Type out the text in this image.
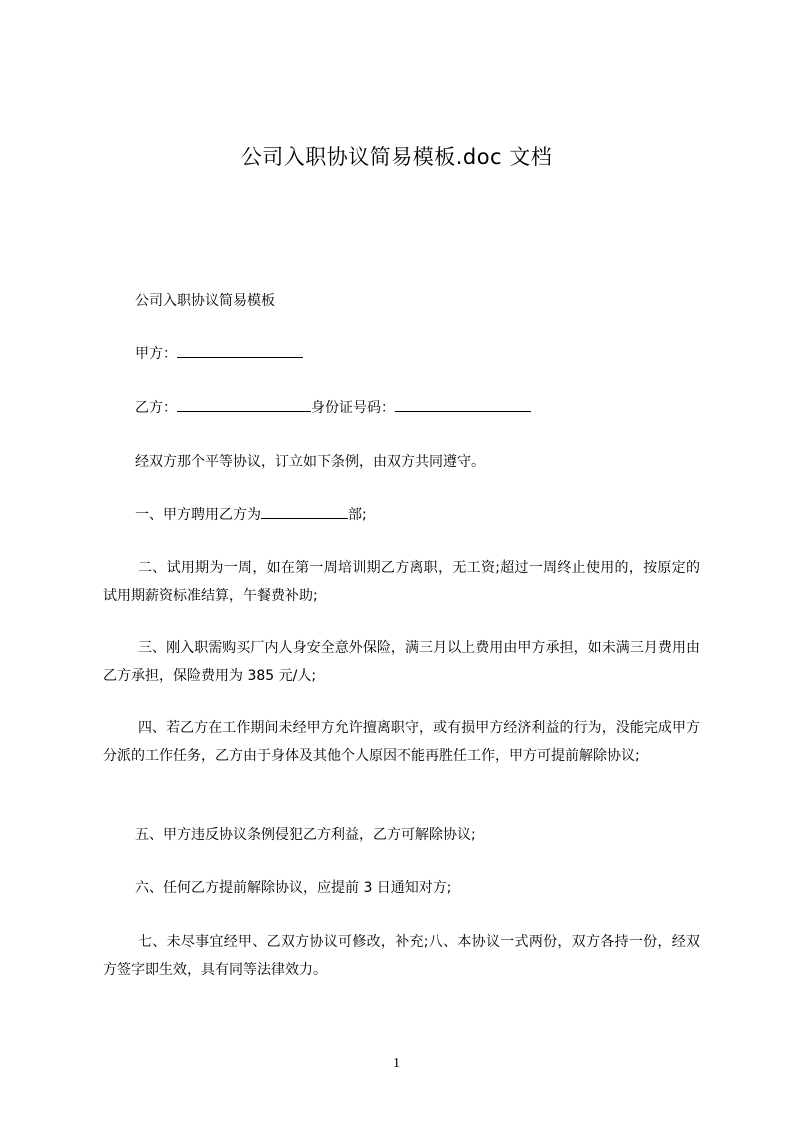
公司入职协议简易模板.doc 文档
公司入职协议简易模板
甲方：
乙方：	身份证号码：
经双方那个平等协议，订立如下条例，由双方共同遵守。
一、甲方聘用乙方为	部;
二、试用期为一周，如在第一周培训期乙方离职，无工资;超过一周终止使用的，按原定的试用期薪资标准结算，午餐费补助;
三、刚入职需购买厂内人身安全意外保险，满三月以上费用由甲方承担，如未满三月费用由乙方承担，保险费用为 385 元/人;
四、若乙方在工作期间未经甲方允许擅离职守，或有损甲方经济利益的行为，没能完成甲方分派的工作任务，乙方由于身体及其他个人原因不能再胜任工作，甲方可提前解除协议;
五、甲方违反协议条例侵犯乙方利益，乙方可解除协议;
六、任何乙方提前解除协议，应提前 3 日通知对方;
七、未尽事宜经甲、乙双方协议可修改，补充;八、本协议一式两份，双方各持一份，经双方签字即生效，具有同等法律效力。
1
